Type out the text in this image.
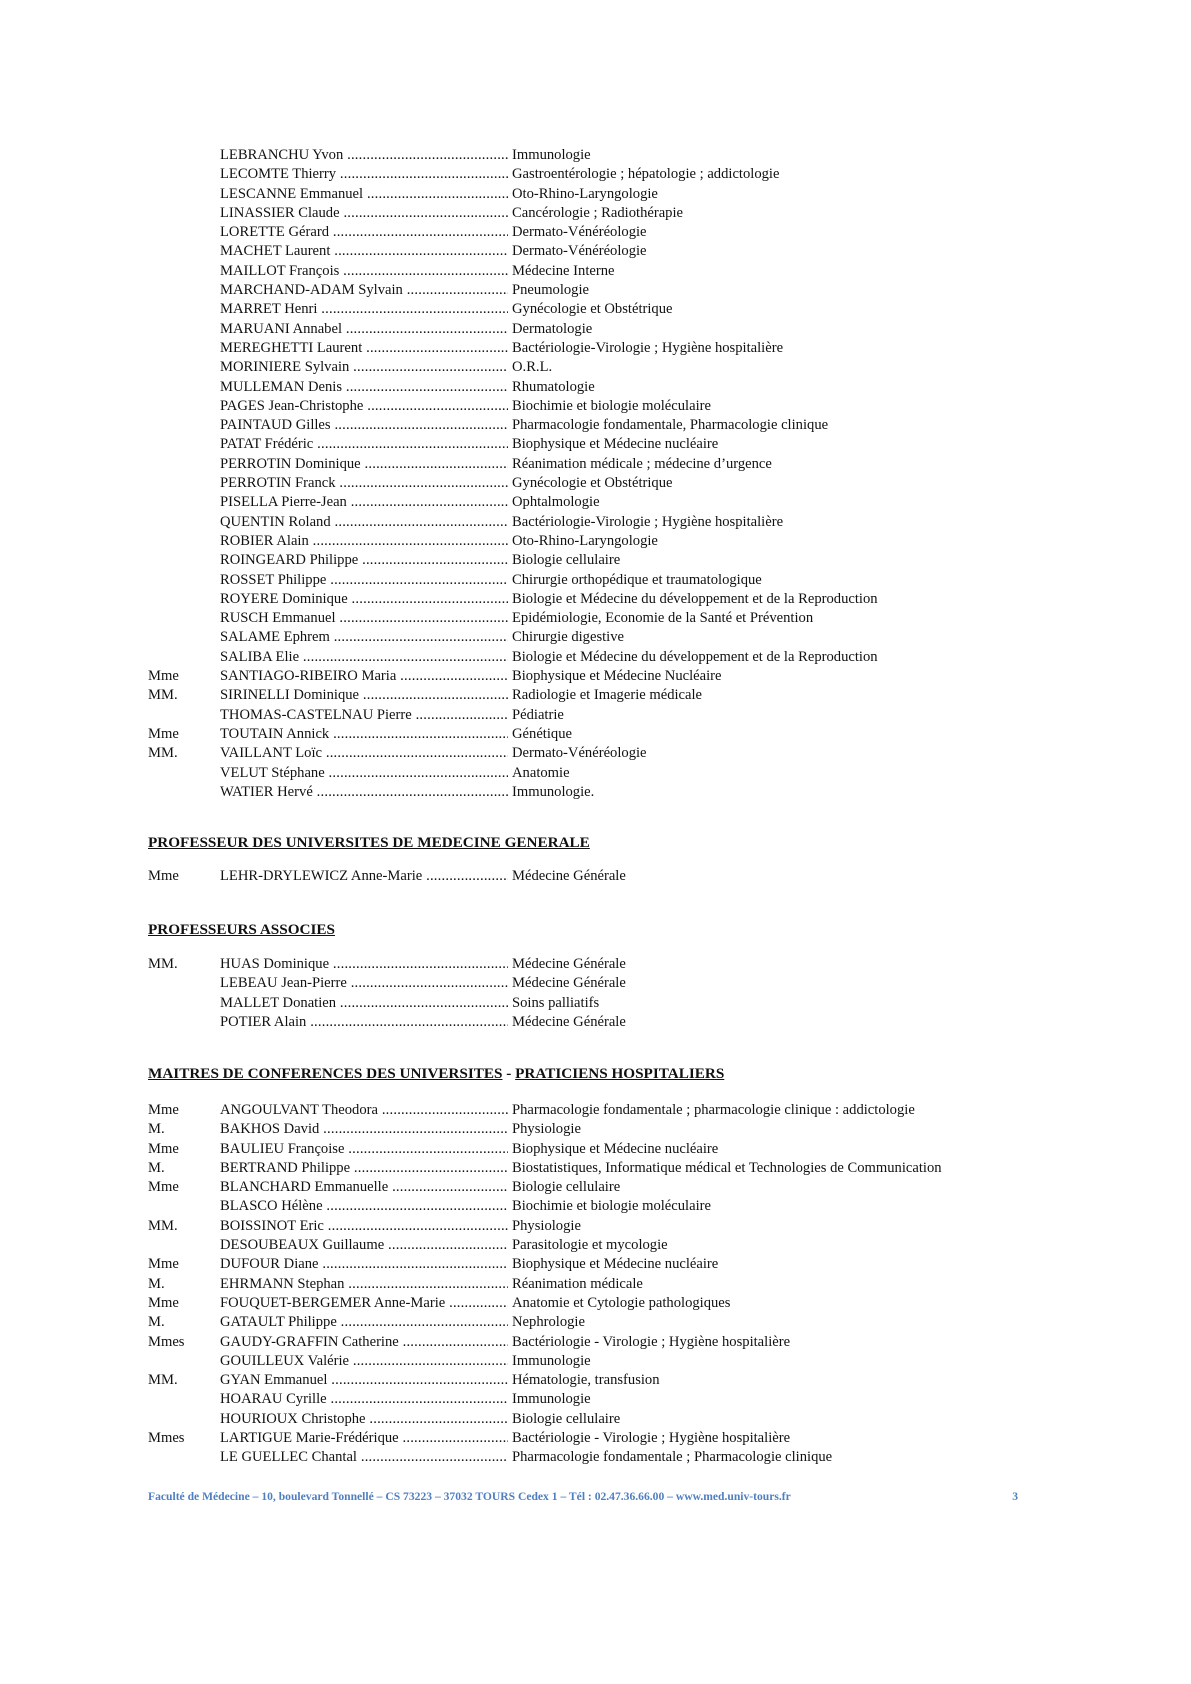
LEBRANCHU Yvon .....	Immunologie
LECOMTE Thierry .....	Gastroentérologie ; hépatologie ; addictologie
LESCANNE Emmanuel .....	Oto-Rhino-Laryngologie
LINASSIER Claude .....	Cancérologie ; Radiothérapie
LORETTE Gérard .....	Dermato-Vénéréologie
MACHET Laurent .....	Dermato-Vénéréologie
MAILLOT François .....	Médecine Interne
MARCHAND-ADAM Sylvain .....	Pneumologie
MARRET Henri .....	Gynécologie et Obstétrique
MARUANI Annabel .....	Dermatologie
MEREGHETTI Laurent .....	Bactériologie-Virologie ; Hygiène hospitalière
MORINIERE Sylvain .....	O.R.L.
MULLEMAN Denis .....	Rhumatologie
PAGES Jean-Christophe .....	Biochimie et biologie moléculaire
PAINTAUD Gilles .....	Pharmacologie fondamentale, Pharmacologie clinique
PATAT Frédéric .....	Biophysique et Médecine nucléaire
PERROTIN Dominique .....	Réanimation médicale ; médecine d’urgence
PERROTIN Franck .....	Gynécologie et Obstétrique
PISELLA Pierre-Jean .....	Ophtalmologie
QUENTIN Roland .....	Bactériologie-Virologie ; Hygiène hospitalière
ROBIER Alain .....	Oto-Rhino-Laryngologie
ROINGEARD Philippe .....	Biologie cellulaire
ROSSET Philippe .....	Chirurgie orthopédique et traumatologique
ROYERE Dominique .....	Biologie et Médecine du développement et de la Reproduction
RUSCH Emmanuel .....	Epidémiologie, Economie de la Santé et Prévention
SALAME Ephrem .....	Chirurgie digestive
SALIBA Elie .....	Biologie et Médecine du développement et de la Reproduction
Mme	SANTIAGO-RIBEIRO Maria .....	Biophysique et Médecine Nucléaire
MM.	SIRINELLI Dominique .....	Radiologie et Imagerie médicale
THOMAS-CASTELNAU Pierre .....	Pédiatrie
Mme	TOUTAIN Annick .....	Génétique
MM.	VAILLANT Loïc .....	Dermato-Vénéréologie
VELUT Stéphane .....	Anatomie
WATIER Hervé .....	Immunologie.
PROFESSEUR DES UNIVERSITES DE MEDECINE GENERALE
Mme	LEHR-DRYLEWICZ Anne-Marie .....	Médecine Générale
PROFESSEURS ASSOCIES
MM.	HUAS Dominique .....	Médecine Générale
LEBEAU Jean-Pierre .....	Médecine Générale
MALLET Donatien .....	Soins palliatifs
POTIER Alain .....	Médecine Générale
MAITRES DE CONFERENCES DES UNIVERSITES - PRATICIENS HOSPITALIERS
Mme	ANGOULVANT Theodora .....	Pharmacologie fondamentale ; pharmacologie clinique : addictologie
M.	BAKHOS David .....	Physiologie
Mme	BAULIEU Françoise .....	Biophysique et Médecine nucléaire
M.	BERTRAND Philippe .....	Biostatistiques, Informatique médical et Technologies de Communication
Mme	BLANCHARD Emmanuelle .....	Biologie cellulaire
BLASCO Hélène .....	Biochimie et biologie moléculaire
MM.	BOISSINOT Eric .....	Physiologie
DESOUBEAUX Guillaume .....	Parasitologie et mycologie
Mme	DUFOUR Diane .....	Biophysique et Médecine nucléaire
M.	EHRMANN Stephan .....	Réanimation médicale
Mme	FOUQUET-BERGEMER Anne-Marie .....	Anatomie et Cytologie pathologiques
M.	GATAULT Philippe .....	Nephrologie
Mmes	GAUDY-GRAFFIN Catherine .....	Bactériologie - Virologie ; Hygiène hospitalière
GOUILLEUX Valérie .....	Immunologie
MM.	GYAN Emmanuel .....	Hématologie, transfusion
HOARAU Cyrille .....	Immunologie
HOURIOUX Christophe .....	Biologie cellulaire
Mmes	LARTIGUE Marie-Frédérique .....	Bactériologie - Virologie ; Hygiène hospitalière
LE GUELLEC Chantal .....	Pharmacologie fondamentale ; Pharmacologie clinique
Faculté de Médecine – 10, boulevard Tonnellé – CS 73223 – 37032 TOURS Cedex 1 – Tél : 02.47.36.66.00 – www.med.univ-tours.fr	3
